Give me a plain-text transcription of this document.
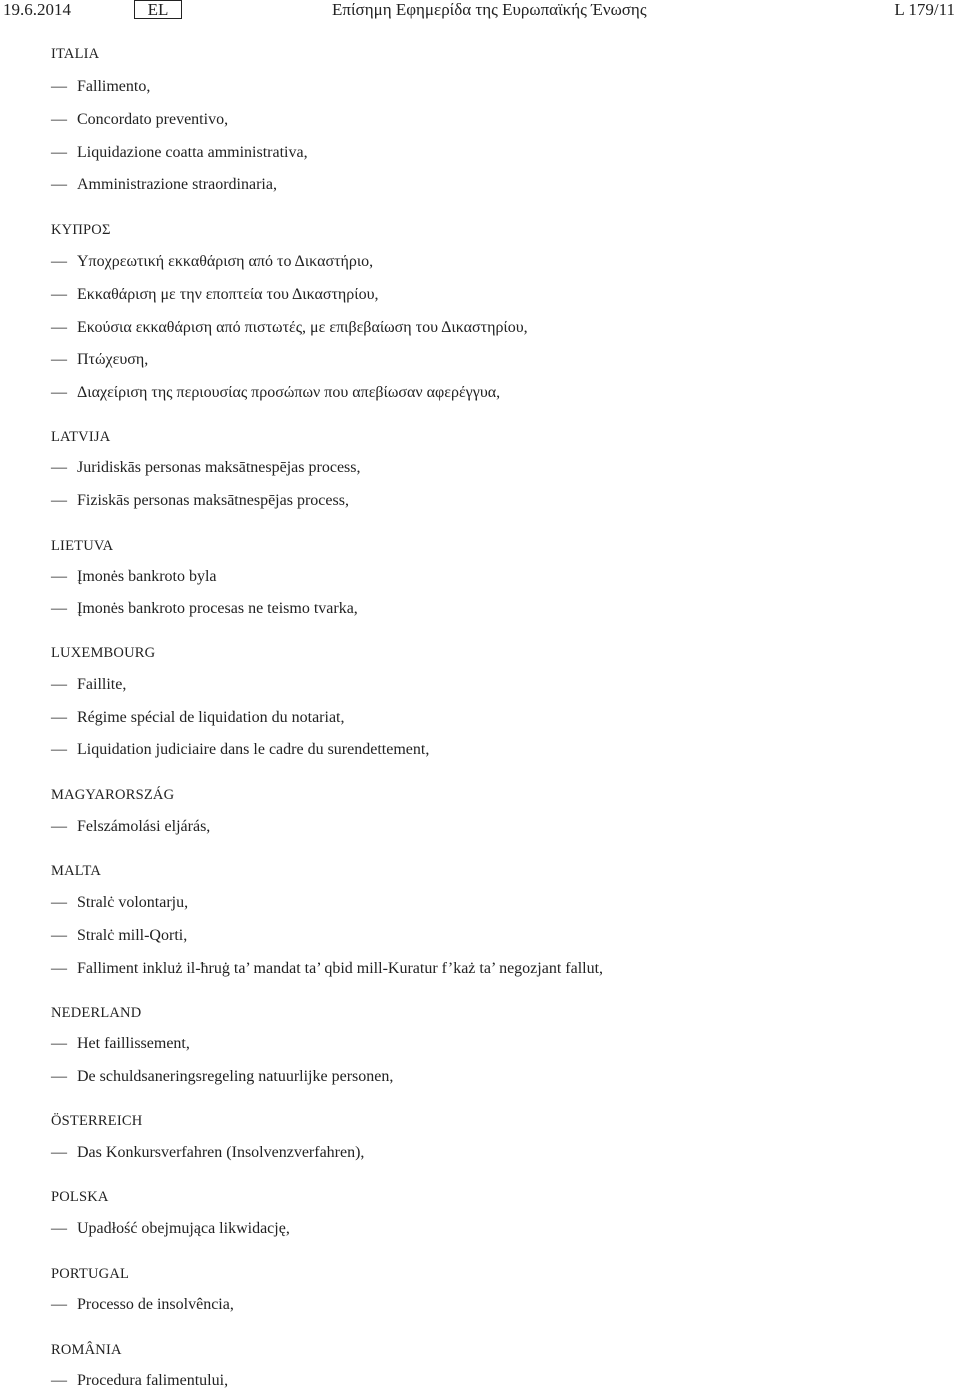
19.6.2014	EL	Επίσημη Εφημερίδα της Ευρωπαϊκής Ένωσης	L 179/11
ITALIA
— Fallimento,
— Concordato preventivo,
— Liquidazione coatta amministrativa,
— Amministrazione straordinaria,
ΚΥΠΡΟΣ
— Υποχρεωτική εκκαθάριση από το Δικαστήριο,
— Εκκαθάριση με την εποπτεία του Δικαστηρίου,
— Εκούσια εκκαθάριση από πιστωτές, με επιβεβαίωση του Δικαστηρίου,
— Πτώχευση,
— Διαχείριση της περιουσίας προσώπων που απεβίωσαν αφερέγγυα,
LATVIJA
— Juridiskās personas maksātnespējas process,
— Fiziskās personas maksātnespējas process,
LIETUVA
— Įmonės bankroto byla
— Įmonės bankroto procesas ne teismo tvarka,
LUXEMBOURG
— Faillite,
— Régime spécial de liquidation du notariat,
— Liquidation judiciaire dans le cadre du surendettement,
MAGYARORSZÁG
— Felszámolási eljárás,
MALTA
— Stralċ volontarju,
— Stralċ mill-Qorti,
— Falliment inkluż il-ħruġ ta’ mandat ta’ qbid mill-Kuratur f’każ ta’ negozjant fallut,
NEDERLAND
— Het faillissement,
— De schuldsaneringsregeling natuurlijke personen,
ÖSTERREICH
— Das Konkursverfahren (Insolvenzverfahren),
POLSKA
— Upadłość obejmująca likwidację,
PORTUGAL
— Processo de insolvência,
ROMÂNIA
— Procedura falimentului,
